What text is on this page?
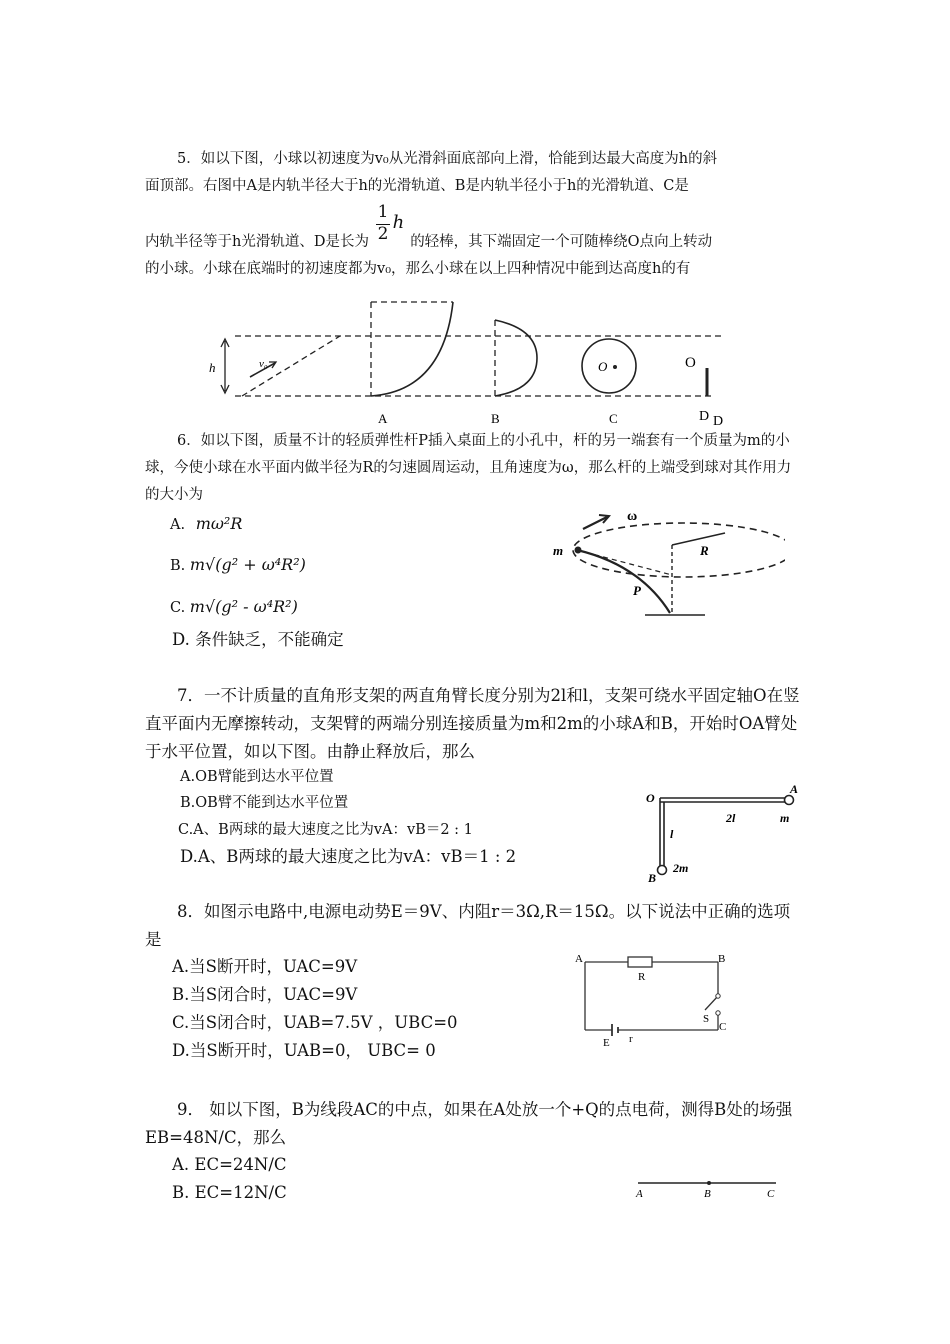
5．如以下图，小球以初速度为v₀从光滑斜面底部向上滑，恰能到达最大高度为h的斜
面顶部。右图中A是内轨半径大于h的光滑轨道、B是内轨半径小于h的光滑轨道、C是
内轨半径等于h光滑轨道、D是长为
1
2
h
的轻棒，其下端固定一个可随棒绕O点向上转动
的小球。小球在底端时的初速度都为v₀，那么小球在以上四种情况中能到达高度h的有
h	v₀
A	B	C
O	O
D D
6．如以下图，质量不计的轻质弹性杆P插入桌面上的小孔中，杆的另一端套有一个质量为m的小球，今使小球在水平面内做半径为R的匀速圆周运动，且角速度为ω，那么杆的上端受到球对其作用力的大小为
A. mω²R
B. m√(g² + ω⁴R²)
C. m√(g² - ω⁴R²)
D. 条件缺乏，不能确定
ω
m	R
P
7．一不计质量的直角形支架的两直角臂长度分别为2l和l，支架可绕水平固定轴O在竖直平面内无摩擦转动，支架臂的两端分别连接质量为m和2m的小球A和B，开始时OA臂处于水平位置，如以下图。由静止释放后，那么
A.OB臂能到达水平位置
B.OB臂不能到达水平位置
C.A、B两球的最大速度之比为vA：vB＝2 : 1
D.A、B两球的最大速度之比为vA：vB＝1 : 2
O
A
2l	m
l
B
2m
8．如图示电路中,电源电动势E＝9V、内阻r＝3Ω,R＝15Ω。以下说法中正确的选项是
A.当S断开时，UAC=9V
B.当S闭合时，UAC=9V
C.当S闭合时，UAB=7.5V ，UBC=0
D.当S断开时，UAB=0， UBC= 0
A	B
R
S
C
E r
9． 如以下图，B为线段AC的中点，如果在A处放一个+Q的点电荷，测得B处的场强EB=48N/C，那么
A. EC=24N/C
B. EC=12N/C	A	B	C
